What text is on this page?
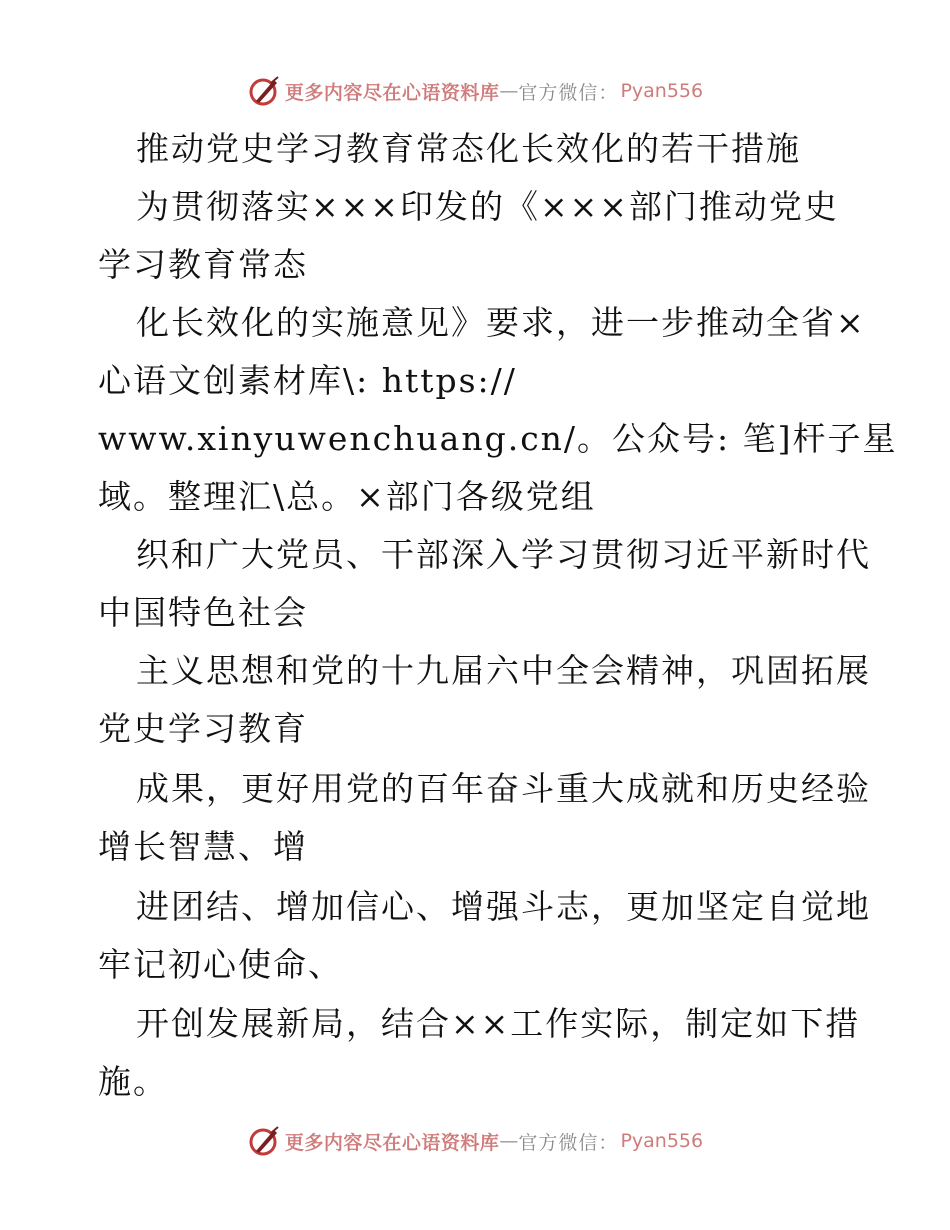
更多内容尽在心语资料库 — 官方微信： Pyan556
推动党史学习教育常态化长效化的若干措施
为贯彻落实×××印发的《×××部门推动党史
学习教育常态
化长效化的实施意见》要求，进一步推动全省×
心语文创素材库\: https://
www.xinyuwenchuang.cn/。公众号: 笔]杆子星
域。整理汇\总。×部门各级党组
织和广大党员、干部深入学习贯彻习近平新时代
中国特色社会
主义思想和党的十九届六中全会精神，巩固拓展
党史学习教育
成果，更好用党的百年奋斗重大成就和历史经验
增长智慧、增
进团结、增加信心、增强斗志，更加坚定自觉地
牢记初心使命、
开创发展新局，结合××工作实际，制定如下措
施。
更多内容尽在心语资料库 — 官方微信： Pyan556
